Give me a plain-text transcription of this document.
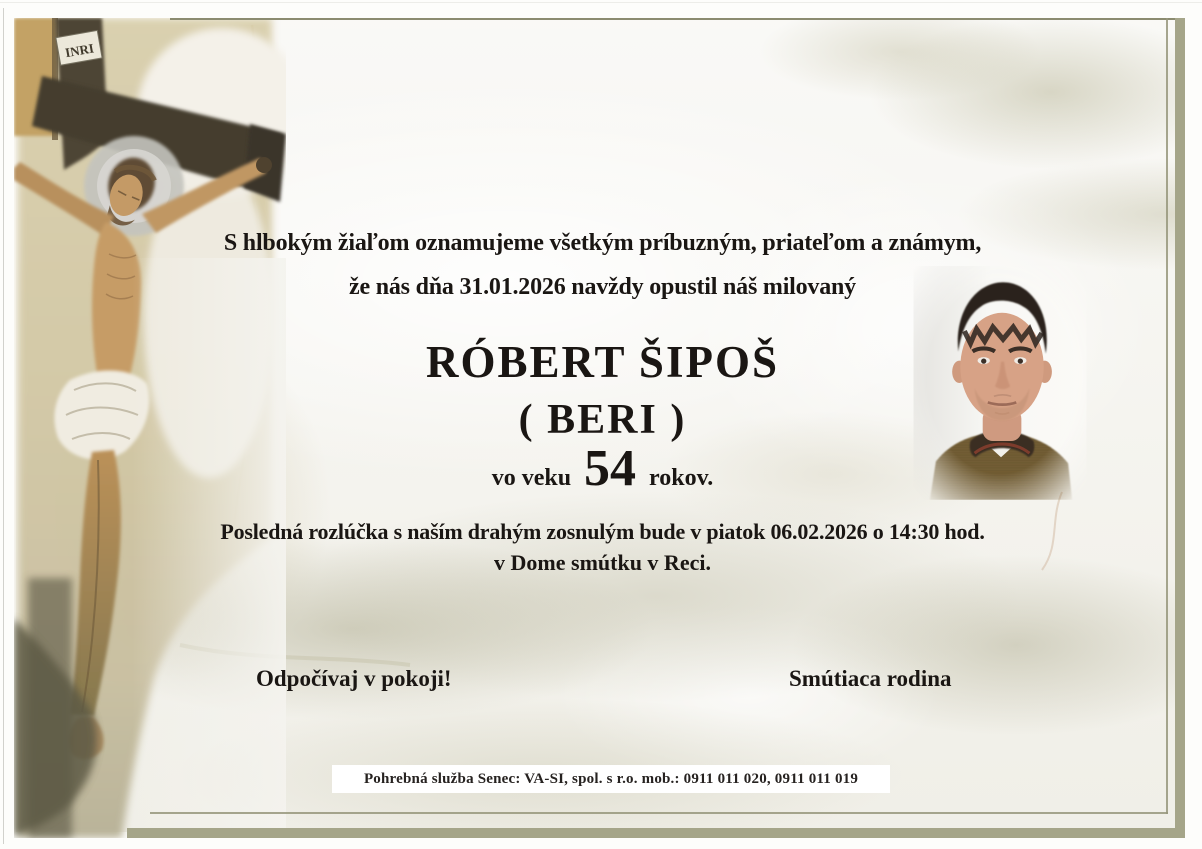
INRI
S hlbokým žiaľom oznamujeme všetkým príbuzným, priateľom a známym,
že nás dňa 31.01.2026 navždy opustil náš milovaný
RÓBERT ŠIPOŠ
( BERI )
vo veku 54 rokov.
Posledná rozlúčka s naším drahým zosnulým bude v piatok 06.02.2026 o 14:30 hod.
v Dome smútku v Reci.
Odpočívaj v pokoji!	Smútiaca rodina
Pohrebná služba Senec: VA-SI, spol. s r.o. mob.: 0911 011 020, 0911 011 019
